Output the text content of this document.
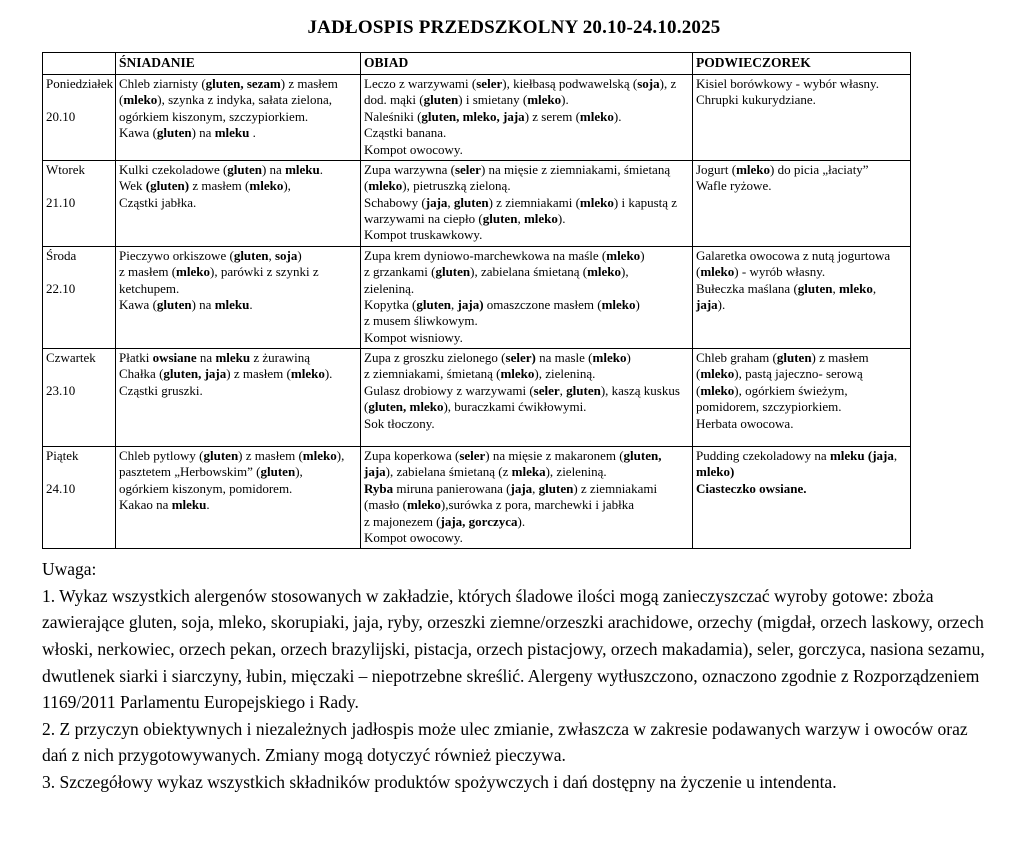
JADŁOSPIS PRZEDSZKOLNY 20.10-24.10.2025
	ŚNIADANIE	OBIAD	PODWIECZOREK

Poniedziałek
20.10	Chleb ziarnisty (gluten, sezam) z masłem
(mleko), szynka z indyka, sałata zielona,
ogórkiem kiszonym, szczypiorkiem.
Kawa (gluten) na mleku .	Leczo z warzywami (seler), kiełbasą podwawelską (soja), z
dod. mąki (gluten) i smietany (mleko).
Naleśniki (gluten, mleko, jaja) z serem (mleko).
Cząstki banana.
Kompot owocowy.	Kisiel borówkowy - wybór własny.
Chrupki kukurydziane.

Wtorek
21.10	Kulki czekoladowe (gluten) na mleku.
Wek (gluten) z masłem (mleko),
Cząstki jabłka.	Zupa warzywna (seler) na mięsie z ziemniakami, śmietaną
(mleko), pietruszką zieloną.
Schabowy (jaja, gluten) z ziemniakami (mleko) i kapustą z
warzywami na ciepło (gluten, mleko).
Kompot truskawkowy.	Jogurt (mleko) do picia „łaciaty”
Wafle ryżowe.

Środa
22.10
	Pieczywo orkiszowe (gluten, soja)
z masłem (mleko), parówki z szynki z
ketchupem.
Kawa (gluten) na mleku.	Zupa krem dyniowo-marchewkowa na maśle (mleko)
z grzankami (gluten), zabielana śmietaną (mleko),
zieleniną.
Kopytka (gluten, jaja) omaszczone masłem (mleko)
z musem śliwkowym.
Kompot wisniowy.	Galaretka owocowa z nutą jogurtowa
(mleko) - wyrób własny.
Bułeczka maślana (gluten, mleko,
jaja).

Czwartek
23.10
	Płatki owsiane na mleku z żurawiną
Chałka (gluten, jaja) z masłem (mleko).
Cząstki gruszki.	Zupa z groszku zielonego (seler) na masle (mleko)
z ziemniakami, śmietaną (mleko), zieleniną.
Gulasz drobiowy z warzywami (seler, gluten), kaszą kuskus
(gluten, mleko), buraczkami ćwikłowymi.
Sok tłoczony.	Chleb graham (gluten) z masłem
(mleko), pastą jajeczno- serową
(mleko), ogórkiem świeżym,
pomidorem, szczypiorkiem.
Herbata owocowa.

Piątek
24.10
	Chleb pytlowy (gluten) z masłem (mleko),
pasztetem „Herbowskim” (gluten),
ogórkiem kiszonym, pomidorem.
Kakao na mleku.	Zupa koperkowa (seler) na mięsie z makaronem (gluten,
jaja), zabielana śmietaną (z mleka), zieleniną.
Ryba miruna panierowana (jaja, gluten) z ziemniakami
(masło (mleko),surówka z pora, marchewki i jabłka
z majonezem (jaja, gorczyca).
Kompot owocowy.	Pudding czekoladowy na mleku (jaja,
mleko)
Ciasteczko owsiane.

Uwaga:

1. Wykaz wszystkich alergenów stosowanych w zakładzie, których śladowe ilości mogą zanieczyszczać wyroby gotowe: zboża zawierające gluten, soja, mleko, skorupiaki, jaja, ryby, orzeszki ziemne/orzeszki arachidowe, orzechy (migdał, orzech laskowy, orzech włoski, nerkowiec, orzech pekan, orzech brazylijski, pistacja, orzech pistacjowy, orzech makadamia), seler, gorczyca, nasiona sezamu, dwutlenek siarki i siarczyny, łubin, mięczaki – niepotrzebne skreślić. Alergeny wytłuszczono, oznaczono zgodnie z Rozporządzeniem 1169/2011 Parlamentu Europejskiego i Rady.

2. Z przyczyn obiektywnych i niezależnych jadłospis może ulec zmianie, zwłaszcza w zakresie podawanych warzyw i owoców oraz dań z nich przygotowywanych. Zmiany mogą dotyczyć również pieczywa.

3. Szczegółowy wykaz wszystkich składników produktów spożywczych i dań dostępny na życzenie u intendenta.
